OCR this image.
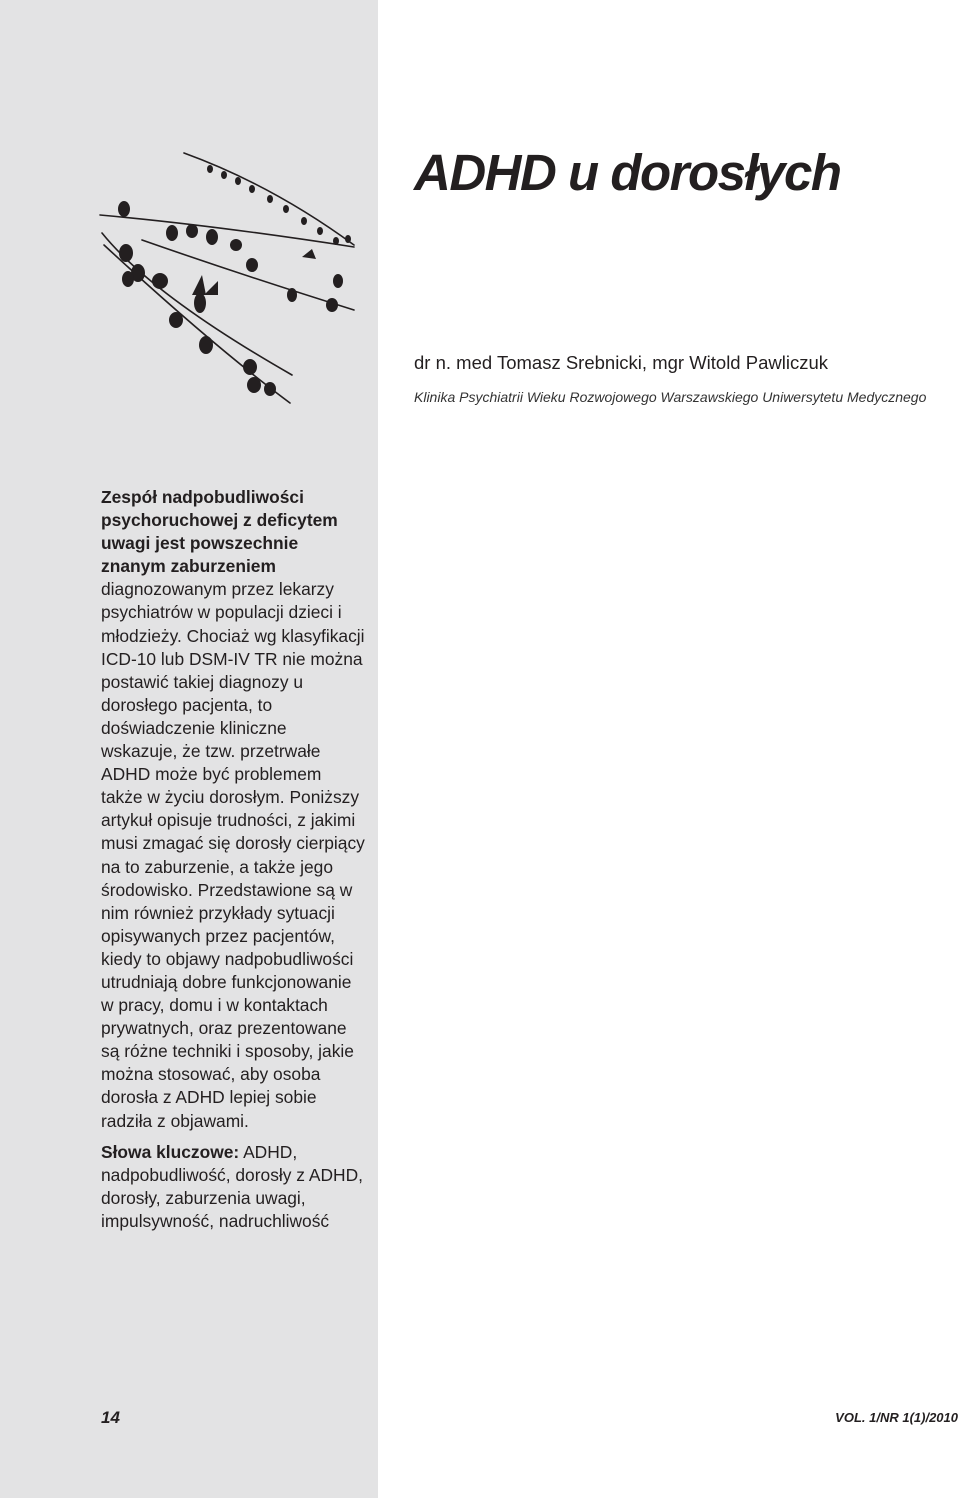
ADHD u dorosłych
dr n. med Tomasz Srebnicki, mgr Witold Pawliczuk
Klinika Psychiatrii Wieku Rozwojowego Warszawskiego Uniwersytetu Medycznego

Zespół nadpobudliwości psychoruchowej z deficytem uwagi jest powszechnie znanym zaburzeniem diagnozowanym przez lekarzy psychiatrów w populacji dzieci i młodzieży. Chociaż wg klasyfikacji ICD-10 lub DSM-IV TR nie można postawić takiej diagnozy u dorosłego pacjenta, to doświadczenie kliniczne wskazuje, że tzw. przetrwałe ADHD może być problemem także w życiu dorosłym. Poniższy artykuł opisuje trudności, z jakimi musi zmagać się dorosły cierpiący na to zaburzenie, a także jego środowisko. Przedstawione są w nim również przykłady sytuacji opisywanych przez pacjentów, kiedy to objawy nadpobudliwości utrudniają dobre funkcjonowanie w pracy, domu i w kontaktach prywatnych, oraz prezentowane są różne techniki i sposoby, jakie można stosować, aby osoba dorosła z ADHD lepiej sobie radziła z objawami.

Słowa kluczowe: ADHD, nadpobudliwość, dorosły z ADHD, dorosły, zaburzenia uwagi, impulsywność, nadruchliwość

14	VOL. 1/NR 1(1)/2010
